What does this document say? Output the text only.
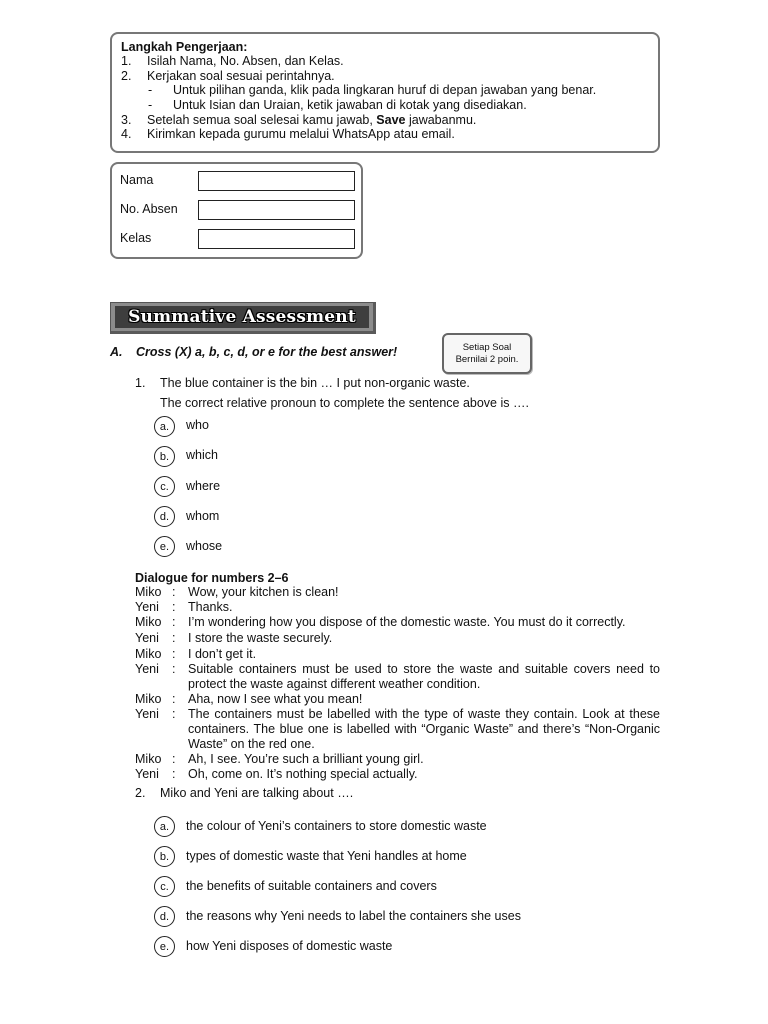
Langkah Pengerjaan:
1. Isilah Nama, No. Absen, dan Kelas.
2. Kerjakan soal sesuai perintahnya.
- Untuk pilihan ganda, klik pada lingkaran huruf di depan jawaban yang benar.
- Untuk Isian dan Uraian, ketik jawaban di kotak yang disediakan.
3. Setelah semua soal selesai kamu jawab, Save jawabanmu.
4. Kirimkan kepada gurumu melalui WhatsApp atau email.
Nama
No. Absen
Kelas
Summative Assessment
A. Cross (X) a, b, c, d, or e for the best answer!	Setiap Soal
Bernilai 2 poin.
1. The blue container is the bin … I put non-organic waste.
The correct relative pronoun to complete the sentence above is ….
a.	who
b.	which
c.	where
d.	whom
e.	whose
Dialogue for numbers 2–6
Miko : Wow, your kitchen is clean!
Yeni : Thanks.
Miko : I’m wondering how you dispose of the domestic waste. You must do it correctly.
Yeni : I store the waste securely.
Miko : I don’t get it.
Yeni : Suitable containers must be used to store the waste and suitable covers need to protect the waste against different weather condition.
Miko : Aha, now I see what you mean!
Yeni : The containers must be labelled with the type of waste they contain. Look at these containers. The blue one is labelled with “Organic Waste” and there’s “Non-Organic Waste” on the red one.
Miko : Ah, I see. You’re such a brilliant young girl.
Yeni : Oh, come on. It’s nothing special actually.
2. Miko and Yeni are talking about ….
a.	the colour of Yeni’s containers to store domestic waste
b.	types of domestic waste that Yeni handles at home
c.	the benefits of suitable containers and covers
d.	the reasons why Yeni needs to label the containers she uses
e.	how Yeni disposes of domestic waste
